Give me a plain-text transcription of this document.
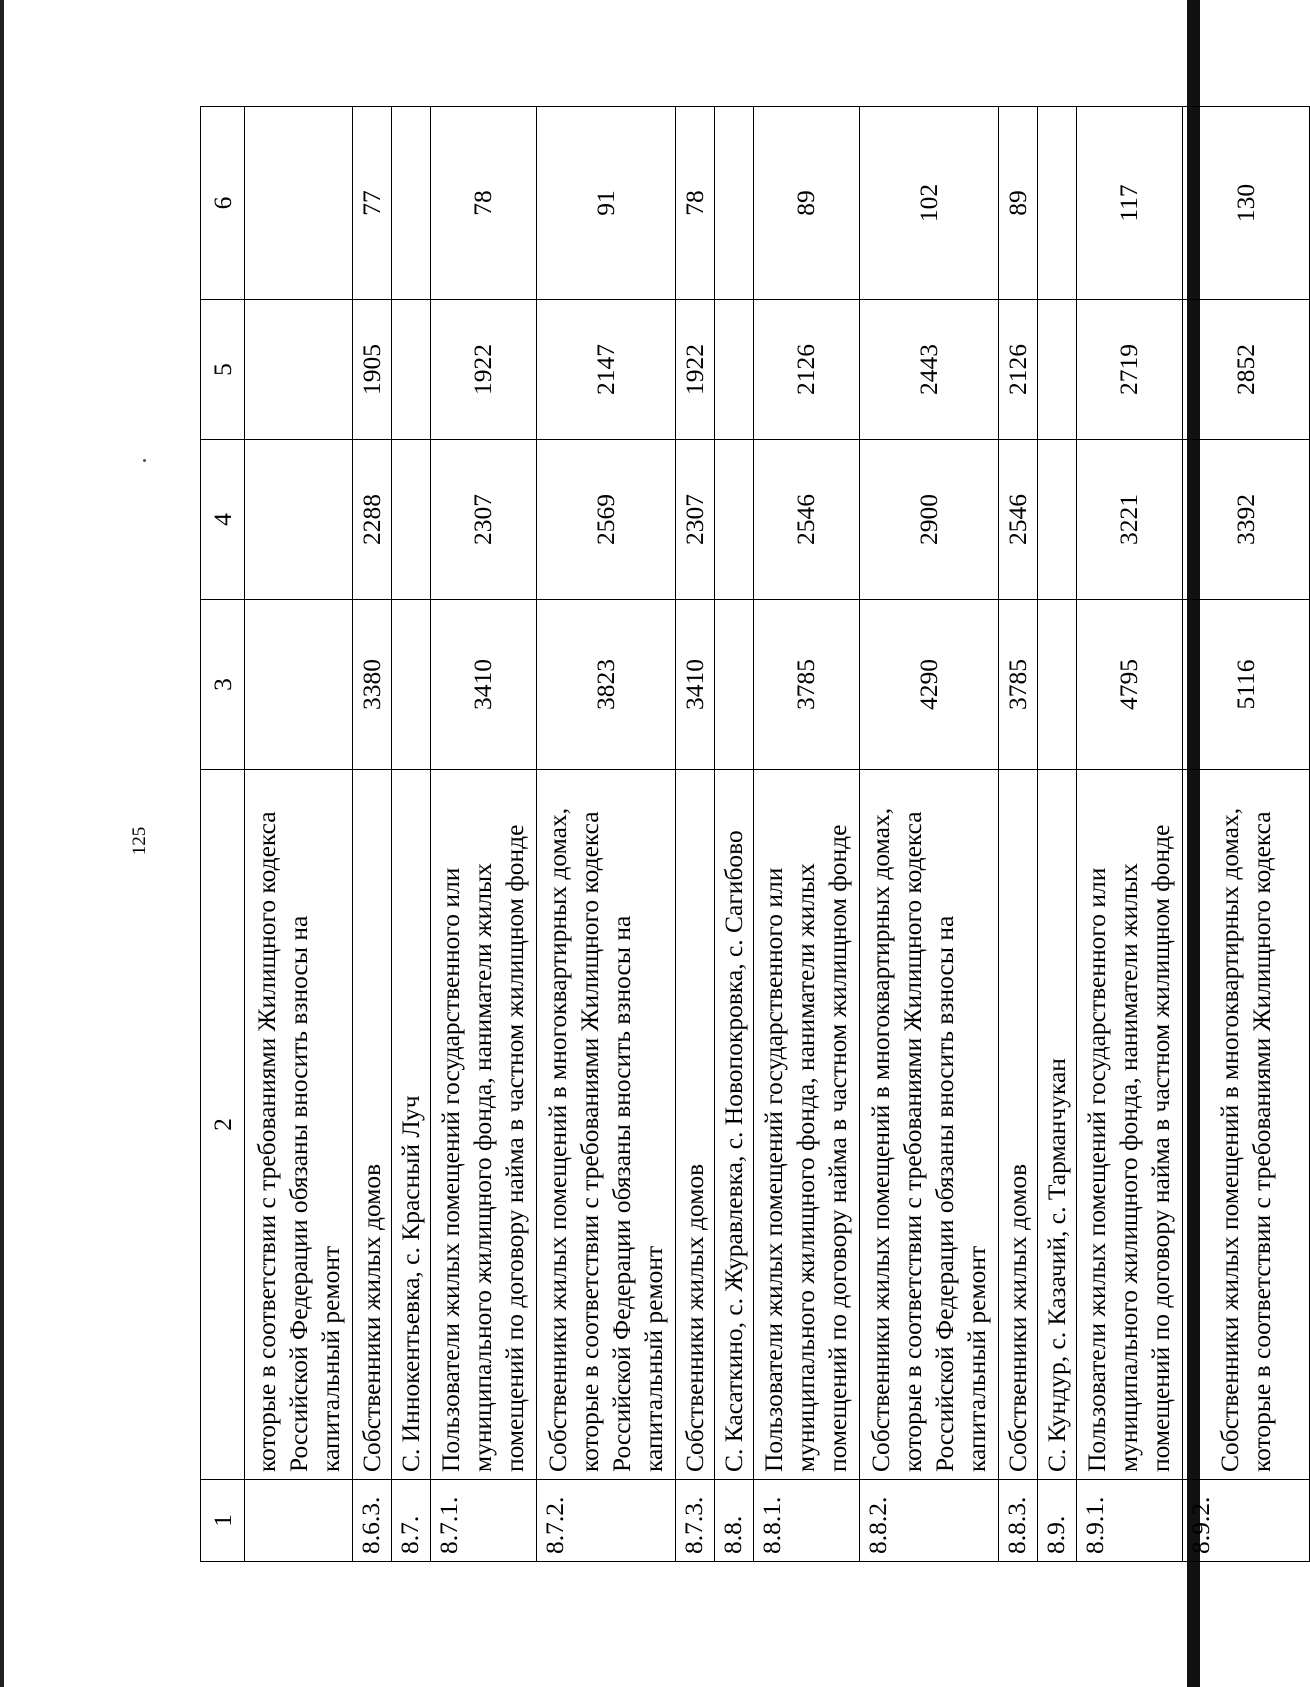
125
1	2	3	4	5	6
	которые в соответствии с требованиями Жилищного кодекса Российской Федерации обязаны вносить взносы на капитальный ремонт				
8.6.3.	Собственники жилых домов	3380	2288	1905	77
8.7.	С. Иннокентьевка, с. Красный Луч				
8.7.1.	Пользователи жилых помещений государственного или муниципального жилищного фонда, наниматели жилых помещений по договору найма в частном жилищном фонде	3410	2307	1922	78
8.7.2.	Собственники жилых помещений в многоквартирных домах, которые в соответствии с требованиями Жилищного кодекса Российской Федерации обязаны вносить взносы на капитальный ремонт	3823	2569	2147	91
8.7.3.	Собственники жилых домов	3410	2307	1922	78
8.8.	С. Касаткино, с. Журавлевка, с. Новопокровка, с. Сагибово				
8.8.1.	Пользователи жилых помещений государственного или муниципального жилищного фонда, наниматели жилых помещений по договору найма в частном жилищном фонде	3785	2546	2126	89
8.8.2.	Собственники жилых помещений в многоквартирных домах, которые в соответствии с требованиями Жилищного кодекса Российской Федерации обязаны вносить взносы на капитальный ремонт	4290	2900	2443	102
8.8.3.	Собственники жилых домов	3785	2546	2126	89
8.9.	С. Кундур, с. Казачий, с. Тарманчукан				
8.9.1.	Пользователи жилых помещений государственного или муниципального жилищного фонда, наниматели жилых помещений по договору найма в частном жилищном фонде	4795	3221	2719	117
8.9.2.	Собственники жилых помещений в многоквартирных домах, которые в соответствии с требованиями Жилищного кодекса	5116	3392	2852	130
